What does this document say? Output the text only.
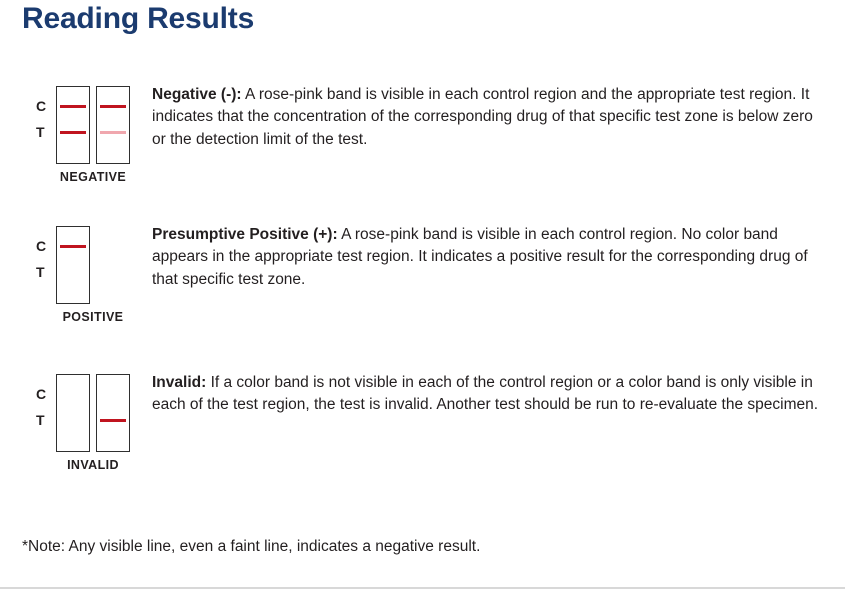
Reading Results
C
T
NEGATIVE
Negative (-): A rose-pink band is visible in each control region and the appropriate test region. It indicates that the concentration of the corresponding drug of that specific test zone is below zero or the detection limit of the test.
C
T
POSITIVE
Presumptive Positive (+): A rose-pink band is visible in each control region. No color band appears in the appropriate test region. It indicates a positive result for the corresponding drug of that specific test zone.
C
T
INVALID
Invalid: If a color band is not visible in each of the control region or a color band is only visible in each of the test region, the test is invalid. Another test should be run to re-evaluate the specimen.
*Note: Any visible line, even a faint line, indicates a negative result.
